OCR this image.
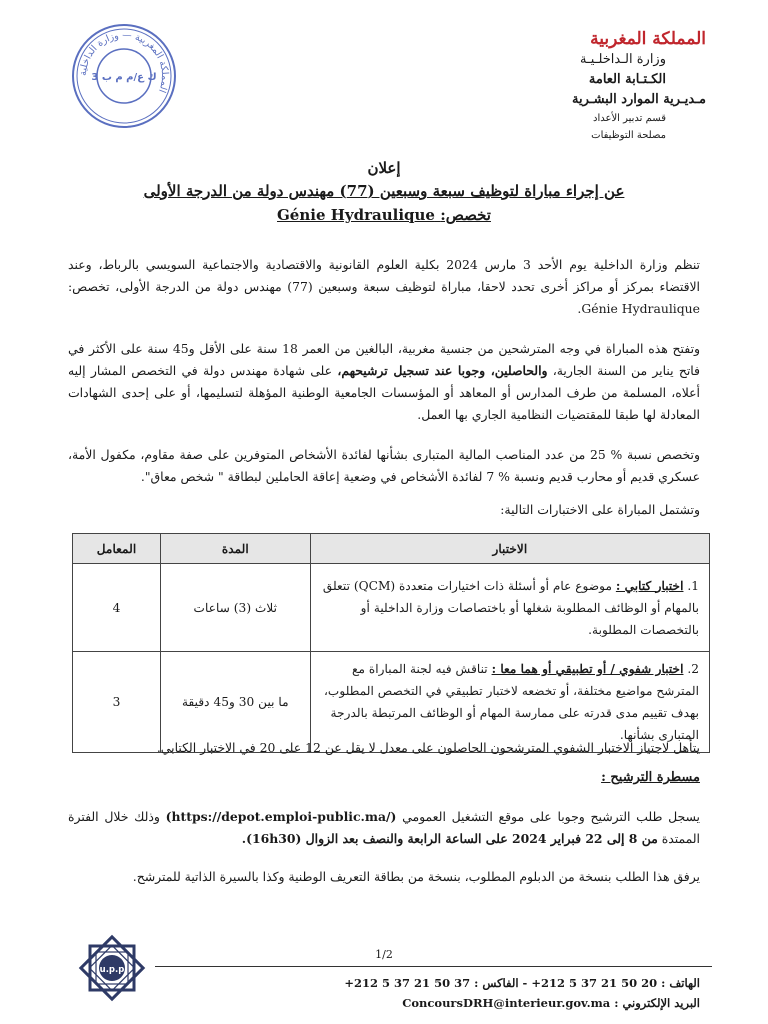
المملكة المغربية — وزارة الداخلية
ك ع/م م ب 3
المملكة المغربية
وزارة الـداخلـيـة
الكـتـابة العامة
مـديـرية الموارد البشـرية
قسم تدبير الأعداد
مصلحة التوظيفات
إعلان
عن إجراء مباراة لتوظيف سبعة وسبعين (77) مهندس دولة من الدرجة الأولى
تخصص: Génie Hydraulique
تنظم وزارة الداخلية يوم الأحد 3 مارس 2024 بكلية العلوم القانونية والاقتصادية والاجتماعية السويسي بالرباط، وعند الاقتضاء بمركز أو مراكز أخرى تحدد لاحقا، مباراة لتوظيف سبعة وسبعين (77) مهندس دولة من الدرجة الأولى، تخصص: Génie Hydraulique.
وتفتح هذه المباراة في وجه المترشحين من جنسية مغربية، البالغين من العمر 18 سنة على الأقل و45 سنة على الأكثر في فاتح يناير من السنة الجارية، والحاصلين، وجوبا عند تسجيل ترشيحهم، على شهادة مهندس دولة في التخصص المشار إليه أعلاه، المسلمة من طرف المدارس أو المعاهد أو المؤسسات الجامعية الوطنية المؤهلة لتسليمها، أو على إحدى الشهادات المعادلة لها طبقا للمقتضيات النظامية الجاري بها العمل.
وتخصص نسبة % 25 من عدد المناصب المالية المتبارى بشأنها لفائدة الأشخاص المتوفرين على صفة مقاوم، مكفول الأمة، عسكري قديم أو محارب قديم ونسبة % 7 لفائدة الأشخاص في وضعية إعاقة الحاملين لبطاقة " شخص معاق".
وتشتمل المباراة على الاختبارات التالية:
الاختبار	المدة	المعامل
1. اختبار كتابي : موضوع عام أو أسئلة ذات اختيارات متعددة (QCM) تتعلق بالمهام أو الوظائف المطلوبة شغلها أو باختصاصات وزارة الداخلية أو بالتخصصات المطلوبة.	ثلاث (3) ساعات	4
2. اختبار شفوي / أو تطبيقي أو هما معا : تناقش فيه لجنة المباراة مع المترشح مواضيع مختلفة، أو تخضعه لاختبار تطبيقي في التخصص المطلوب، بهدف تقييم مدى قدرته على ممارسة المهام أو الوظائف المرتبطة بالدرجة المتبارى بشأنها.	ما بين 30 و45 دقيقة	3
يتأهل لاجتياز الاختبار الشفوي المترشحون الحاصلون على معدل لا يقل عن 12 على 20 في الاختبار الكتابي.
مسطرة الترشيح :
يسجل طلب الترشيح وجوبا على موقع التشغيل العمومي (https://depot.emploi-public.ma/) وذلك خلال الفترة الممتدة من 8 إلى 22 فبراير 2024 على الساعة الرابعة والنصف بعد الزوال (16h30).
يرفق هذا الطلب بنسخة من الدبلوم المطلوب، بنسخة من بطاقة التعريف الوطنية وكذا بالسيرة الذاتية للمترشح.
1/2
u.p.p
الهاتف : 20 50 21 37 5 212+ - الفاكس : 37 50 21 37 5 212+
البريد الإلكتروني : ConcoursDRH@interieur.gov.ma
